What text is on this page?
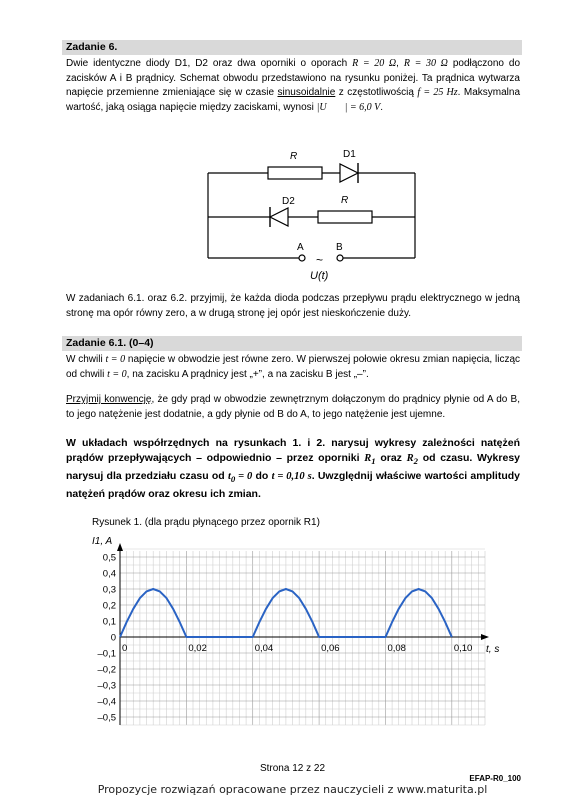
Zadanie 6.
Dwie identyczne diody D1, D2 oraz dwa oporniki o oporach R = 20 Ω, R = 30 Ω podłączono do zacisków A i B prądnicy. Schemat obwodu przedstawiono na rysunku poniżej. Ta prądnica wytwarza napięcie przemienne zmieniające się w czasie sinusoidalnie z częstotliwością f = 25 Hz. Maksymalna wartość, jaką osiąga napięcie między zaciskami, wynosi |U | = 6,0 V.
R	D1
D2	R
A	B
~
U(t)
W zadaniach 6.1. oraz 6.2. przyjmij, że każda dioda podczas przepływu prądu elektrycznego w jedną stronę ma opór równy zero, a w drugą stronę jej opór jest nieskończenie duży.
Zadanie 6.1. (0–4)
W chwili t = 0 napięcie w obwodzie jest równe zero. W pierwszej połowie okresu zmian napięcia, licząc od chwili t = 0, na zacisku A prądnicy jest „+”, a na zacisku B jest „–”.
Przyjmij konwencję, że gdy prąd w obwodzie zewnętrznym dołączonym do prądnicy płynie od A do B, to jego natężenie jest dodatnie, a gdy płynie od B do A, to jego natężenie jest ujemne.
W układach współrzędnych na rysunkach 1. i 2. narysuj wykresy zależności natężeń prądów przepływających – odpowiednio – przez oporniki $R_1$ oraz $R_2$ od czasu. Wykresy narysuj dla przedziału czasu od $t_0 = 0$ do t = 0,10 s. Uwzględnij właściwe wartości amplitudy natężeń prądów oraz okresu ich zmian.
Rysunek 1. (dla prądu płynącego przez opornik R1)
I1, A
t, s
0,5
0,4
0,3
0,2
0,1
0
–0,1
–0,2
–0,3
–0,4
–0,5
0	0,02	0,04	0,06	0,08	0,10
Strona 12 z 22
EFAP-R0_100
Propozycje rozwiązań opracowane przez nauczycieli z www.maturita.pl
